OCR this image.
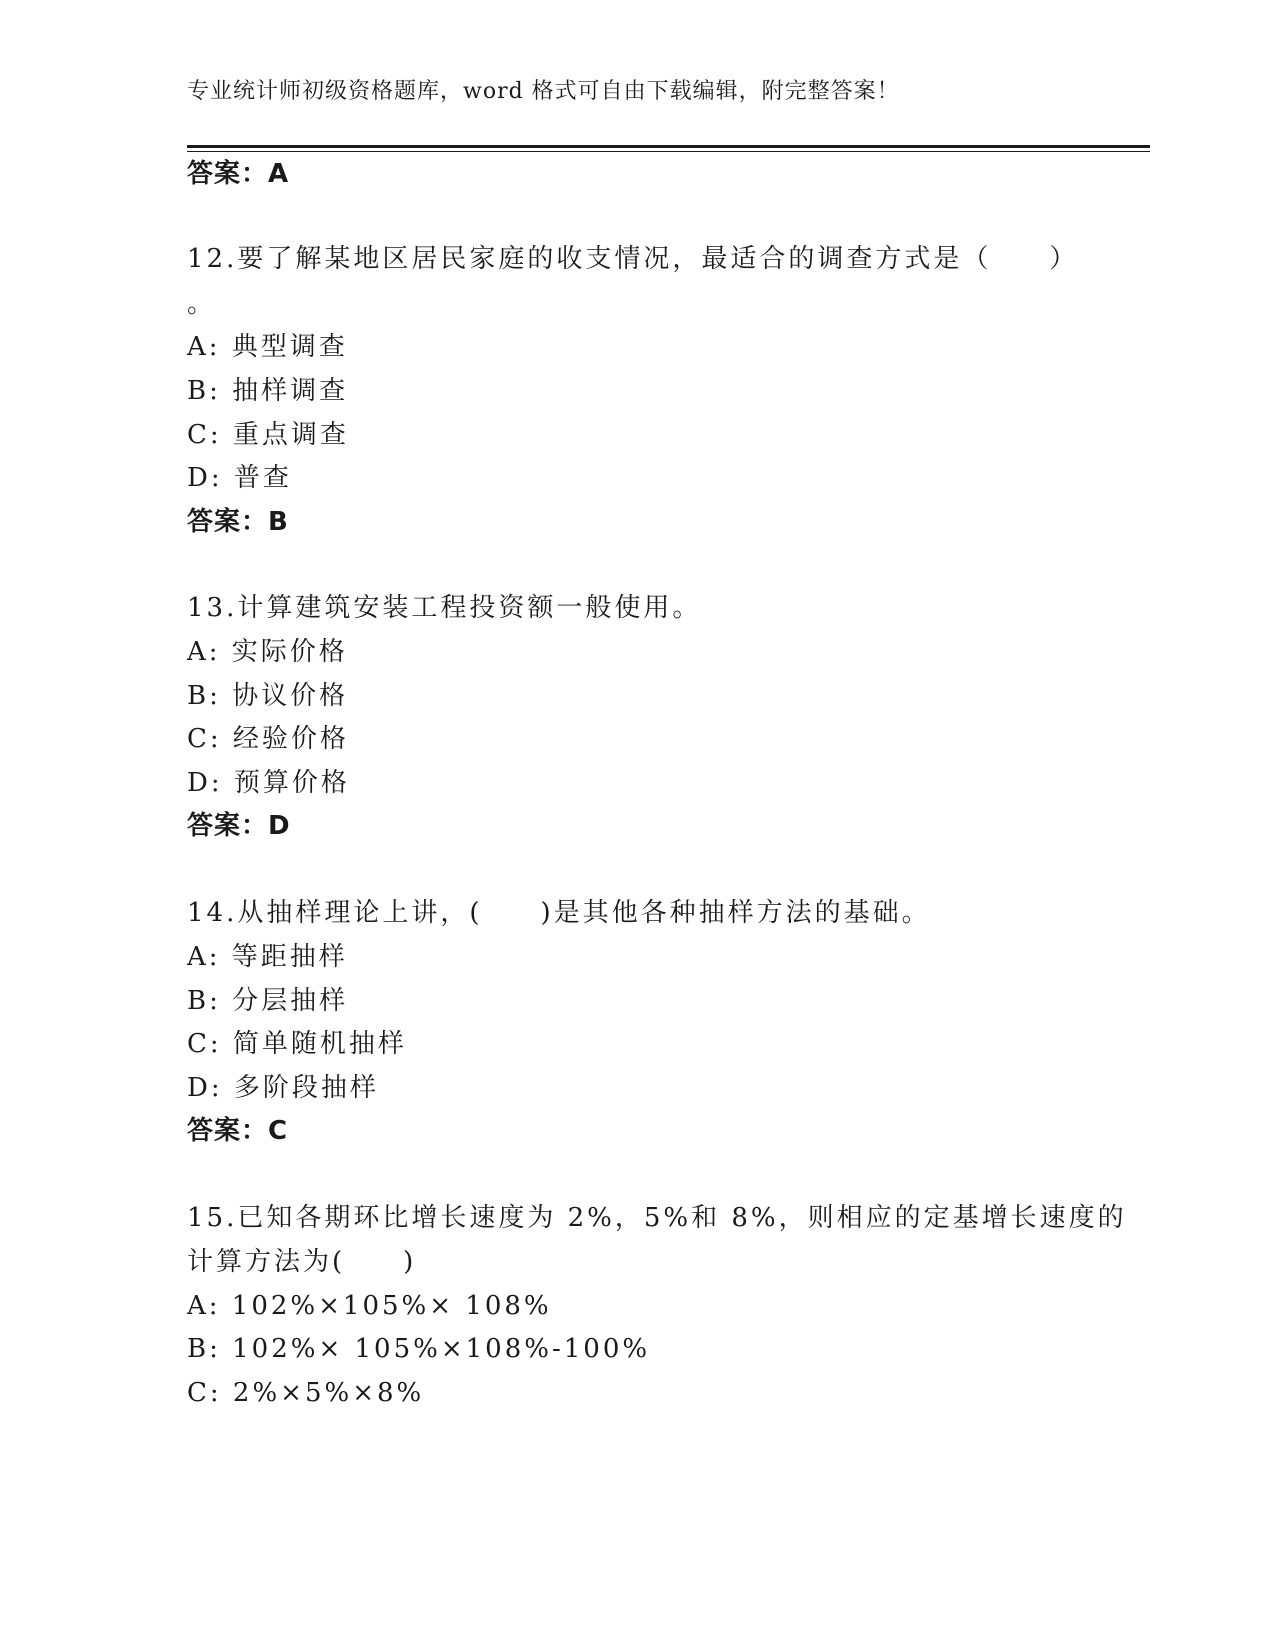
专业统计师初级资格题库，word 格式可自由下载编辑，附完整答案！
答案：A
12.要了解某地区居民家庭的收支情况，最适合的调查方式是（　　）
。
A: 典型调查
B: 抽样调查
C: 重点调查
D: 普查
答案：B
13.计算建筑安装工程投资额一般使用。
A: 实际价格
B: 协议价格
C: 经验价格
D: 预算价格
答案：D
14.从抽样理论上讲，(　　)是其他各种抽样方法的基础。
A: 等距抽样
B: 分层抽样
C: 简单随机抽样
D: 多阶段抽样
答案：C
15.已知各期环比增长速度为 2%，5%和 8%，则相应的定基增长速度的
计算方法为(　　)
A: 102%×105%× 108%
B: 102%× 105%×108%-100%
C: 2%×5%×8%
